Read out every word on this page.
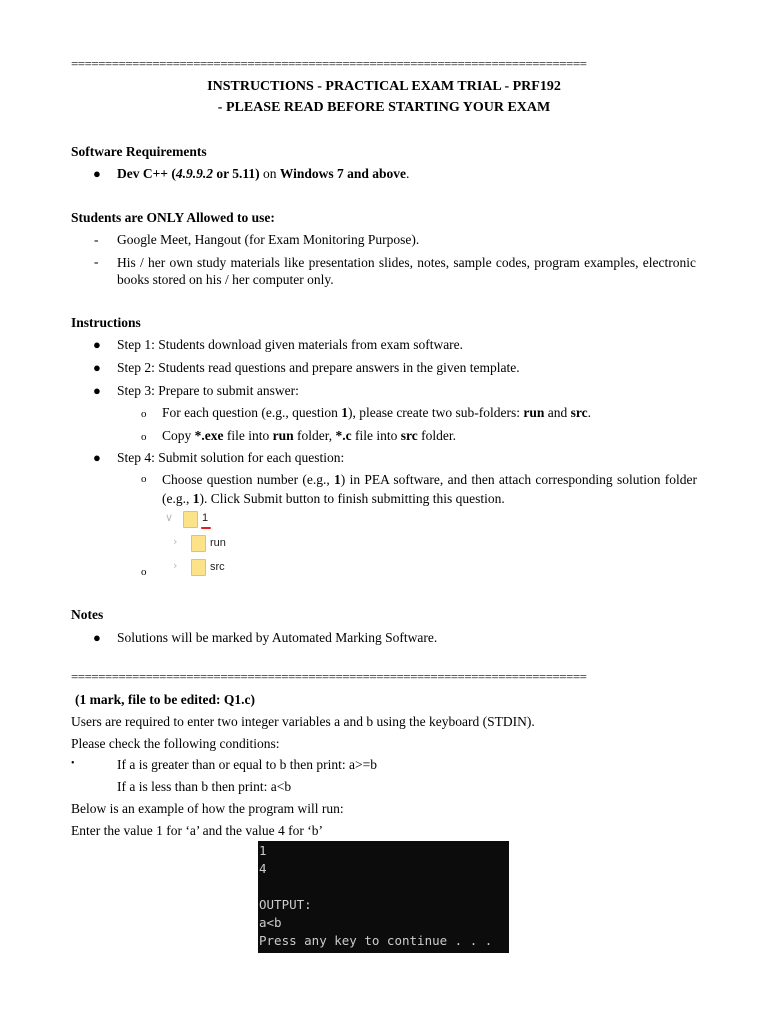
============================================================================
INSTRUCTIONS - PRACTICAL EXAM TRIAL - PRF192
- PLEASE READ BEFORE STARTING YOUR EXAM
Software Requirements
● Dev C++ (4.9.9.2 or 5.11) on Windows 7 and above.
Students are ONLY Allowed to use:
- Google Meet, Hangout (for Exam Monitoring Purpose).
- His / her own study materials like presentation slides, notes, sample codes, program examples, electronic books stored on his / her computer only.
Instructions
● Step 1: Students download given materials from exam software.
● Step 2: Students read questions and prepare answers in the given template.
● Step 3: Prepare to submit answer:
o For each question (e.g., question 1), please create two sub-folders: run and src.
o Copy *.exe file into run folder, *.c file into src folder.
● Step 4: Submit solution for each question:
o Choose question number (e.g., 1) in PEA software, and then attach corresponding solution folder (e.g., 1). Click Submit button to finish submitting this question.
∨	1
›	run
o ›	src
Notes
● Solutions will be marked by Automated Marking Software.
============================================================================
(1 mark, file to be edited: Q1.c)
Users are required to enter two integer variables a and b using the keyboard (STDIN).
Please check the following conditions:
•	If a is greater than or equal to b then print: a>=b
If a is less than b then print: a<b
Below is an example of how the program will run:
Enter the value 1 for ‘a’ and the value 4 for ‘b’
1
4

OUTPUT:
a<b
Press any key to continue . . .
